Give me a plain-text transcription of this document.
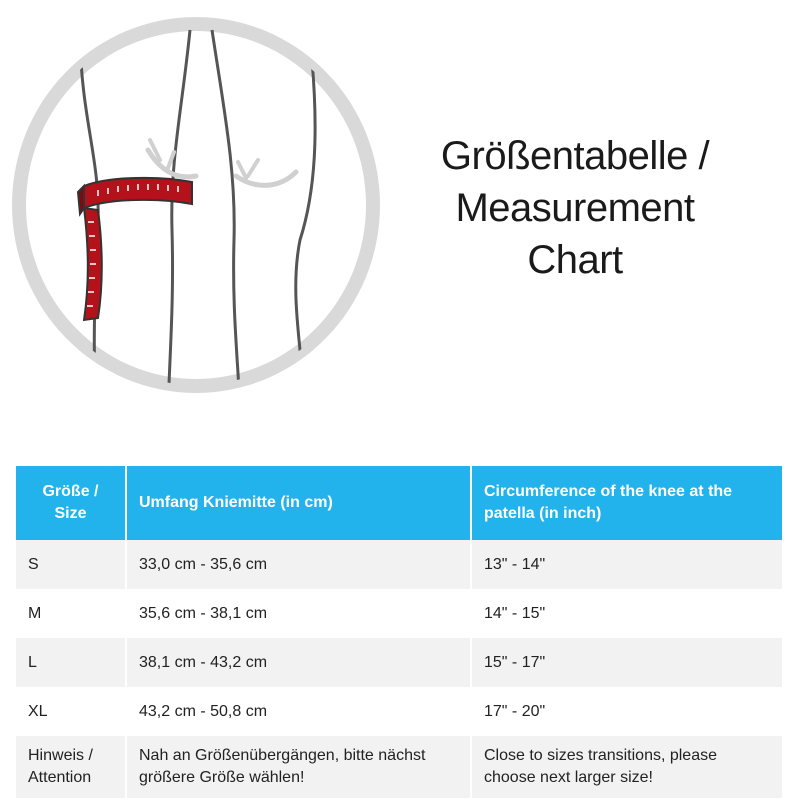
Größentabelle /
Measurement
Chart
Größe / Size	Umfang Kniemitte (in cm)	Circumference of the knee at the patella (in inch)
S	33,0 cm - 35,6 cm	13" - 14"
M	35,6 cm - 38,1 cm	14" - 15"
L	38,1 cm - 43,2 cm	15" - 17"
XL	43,2 cm - 50,8 cm	17" - 20"
Hinweis / Attention	Nah an Größenübergängen, bitte nächst größere Größe wählen!	Close to sizes transitions, please choose next larger size!
